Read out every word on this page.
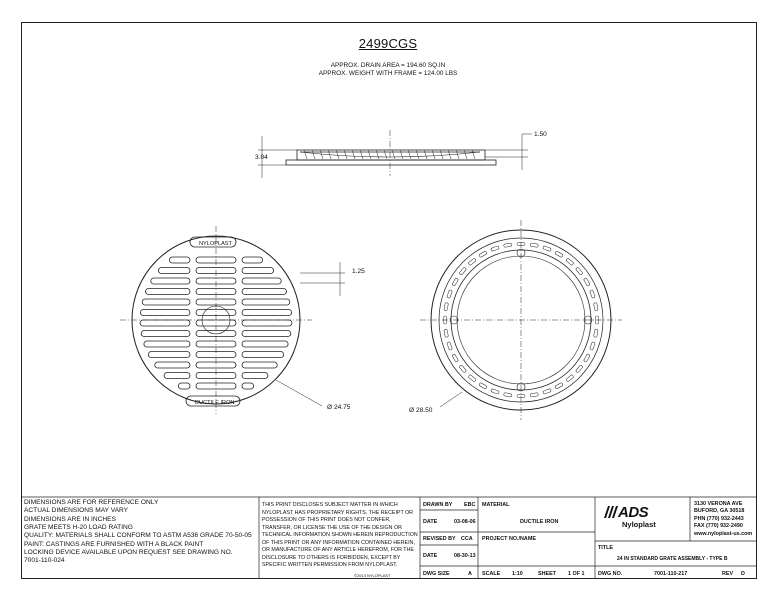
2499CGS
APPROX. DRAIN AREA = 194.60 SQ.IN
APPROX. WEIGHT WITH FRAME = 124.00 LBS
3.04
1.50
1.25
Ø 24.75	Ø 28.50
NYLOPLAST
DUCTILE IRON
DIMENSIONS ARE FOR REFERENCE ONLY
ACTUAL DIMENSIONS MAY VARY
DIMENSIONS ARE IN INCHES
GRATE MEETS H-20 LOAD RATING
QUALITY: MATERIALS SHALL CONFORM TO ASTM A536 GRADE 70-50-05
PAINT: CASTINGS ARE FURNISHED WITH A BLACK PAINT
LOCKING DEVICE AVAILABLE UPON REQUEST SEE DRAWING NO.
7001-110-024
THIS PRINT DISCLOSES SUBJECT MATTER IN WHICH NYLOPLAST HAS PROPRIETARY RIGHTS. THE RECEIPT OR POSSESSION OF THIS PRINT DOES NOT CONFER, TRANSFER, OR LICENSE THE USE OF THE DESIGN OR TECHNICAL INFORMATION SHOWN HEREIN REPRODUCTION OF THIS PRINT OR ANY INFORMATION CONTAINED HEREIN, OR MANUFACTURE OF ANY ARTICLE HEREFROM, FOR THE DISCLOSURE TO OTHERS IS FORBIDDEN, EXCEPT BY SPECIFIC WRITTEN PERMISSION FROM NYLOPLAST.
©2013 NYLOPLAST
DRAWN BY EBC
DATE	03-08-06
REVISED BY CCA
DATE	08-30-13
DWG SIZE	A
MATERIAL
DUCTILE IRON
PROJECT NO./NAME
SCALE 1:10	SHEET 1 OF 1
ADS
Nyloplast
3130 VERONA AVE
BUFORD, GA 30518
PHN (770) 932-2443
FAX (770) 932-2490
www.nyloplast-us.com
TITLE
24 IN STANDARD GRATE ASSEMBLY - TYPE B
DWG NO.	7001-110-217	REV D
